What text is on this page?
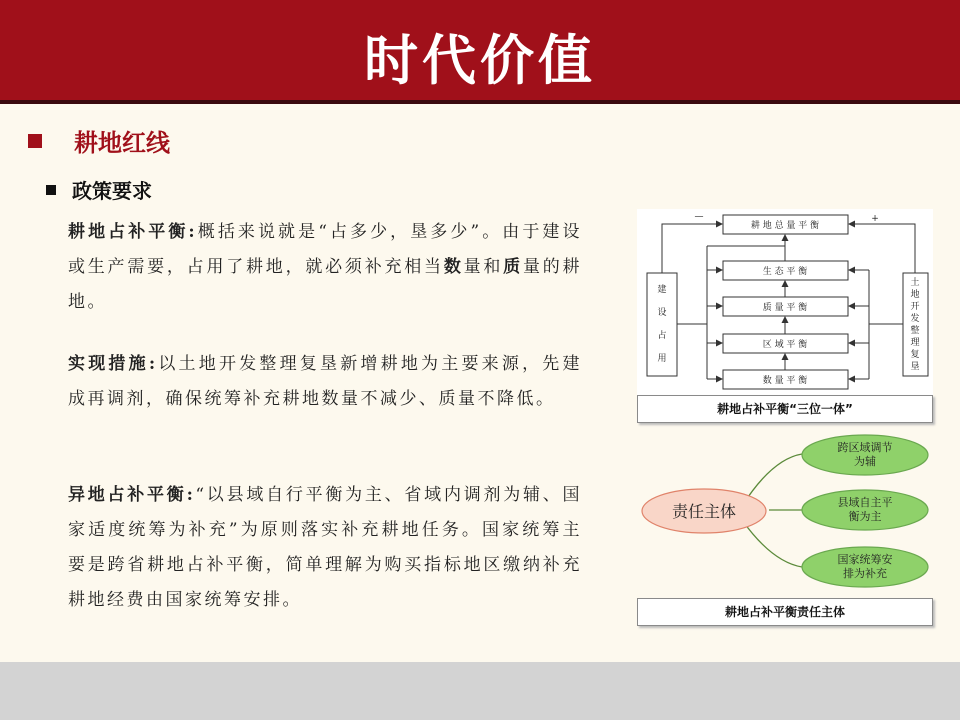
时代价值
耕地红线
政策要求
耕地占补平衡:概括来说就是“占多少，垦多少”。由于建设或生产需要，占用了耕地，就必须补充相当数量和质量的耕地。
实现措施:以土地开发整理复垦新增耕地为主要来源，先建成再调剂，确保统筹补充耕地数量不减少、质量不降低。
异地占补平衡:“以县域自行平衡为主、省域内调剂为辅、国家适度统筹为补充”为原则落实补充耕地任务。国家统筹主要是跨省耕地占补平衡，简单理解为购买指标地区缴纳补充耕地经费由国家统筹安排。
耕 地 总 量 平 衡
生 态 平 衡
质 量 平 衡
区 域 平 衡
数 量 平 衡
建
设
占
用
土
地
开
发
整
理
复
垦
—	+
耕地占补平衡“三位一体”
责任主体
跨区域调节
为辅
县域自主平
衡为主
国家统筹安
排为补充
耕地占补平衡责任主体
